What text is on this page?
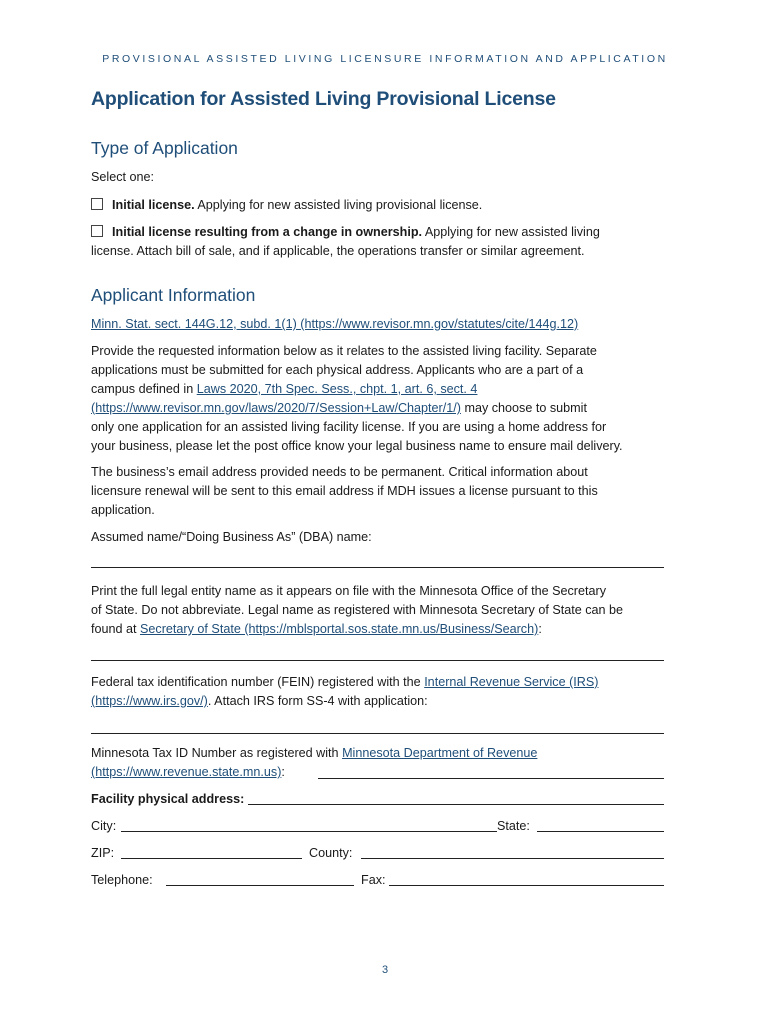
PROVISIONAL ASSISTED LIVING LICENSURE INFORMATION AND APPLICATION
Application for Assisted Living Provisional License
Type of Application

Select one:

Initial license. Applying for new assisted living provisional license.

Initial license resulting from a change in ownership. Applying for new assisted living
license. Attach bill of sale, and if applicable, the operations transfer or similar agreement.

Applicant Information

Minn. Stat. sect. 144G.12, subd. 1(1) (https://www.revisor.mn.gov/statutes/cite/144g.12)

Provide the requested information below as it relates to the assisted living facility. Separate
applications must be submitted for each physical address. Applicants who are a part of a
campus defined in Laws 2020, 7th Spec. Sess., chpt. 1, art. 6, sect. 4
(https://www.revisor.mn.gov/laws/2020/7/Session+Law/Chapter/1/) may choose to submit
only one application for an assisted living facility license. If you are using a home address for
your business, please let the post office know your legal business name to ensure mail delivery.
The business’s email address provided needs to be permanent. Critical information about
licensure renewal will be sent to this email address if MDH issues a license pursuant to this
application.

Assumed name/“Doing Business As” (DBA) name:

Print the full legal entity name as it appears on file with the Minnesota Office of the Secretary
of State. Do not abbreviate. Legal name as registered with Minnesota Secretary of State can be
found at Secretary of State (https://mblsportal.sos.state.mn.us/Business/Search):
Federal tax identification number (FEIN) registered with the Internal Revenue Service (IRS)
(https://www.irs.gov/). Attach IRS form SS-4 with application:
Minnesota Tax ID Number as registered with Minnesota Department of Revenue
(https://www.revenue.state.mn.us):
Facility physical address:
City:	State:
ZIP:	County:
Telephone:	Fax:
3
